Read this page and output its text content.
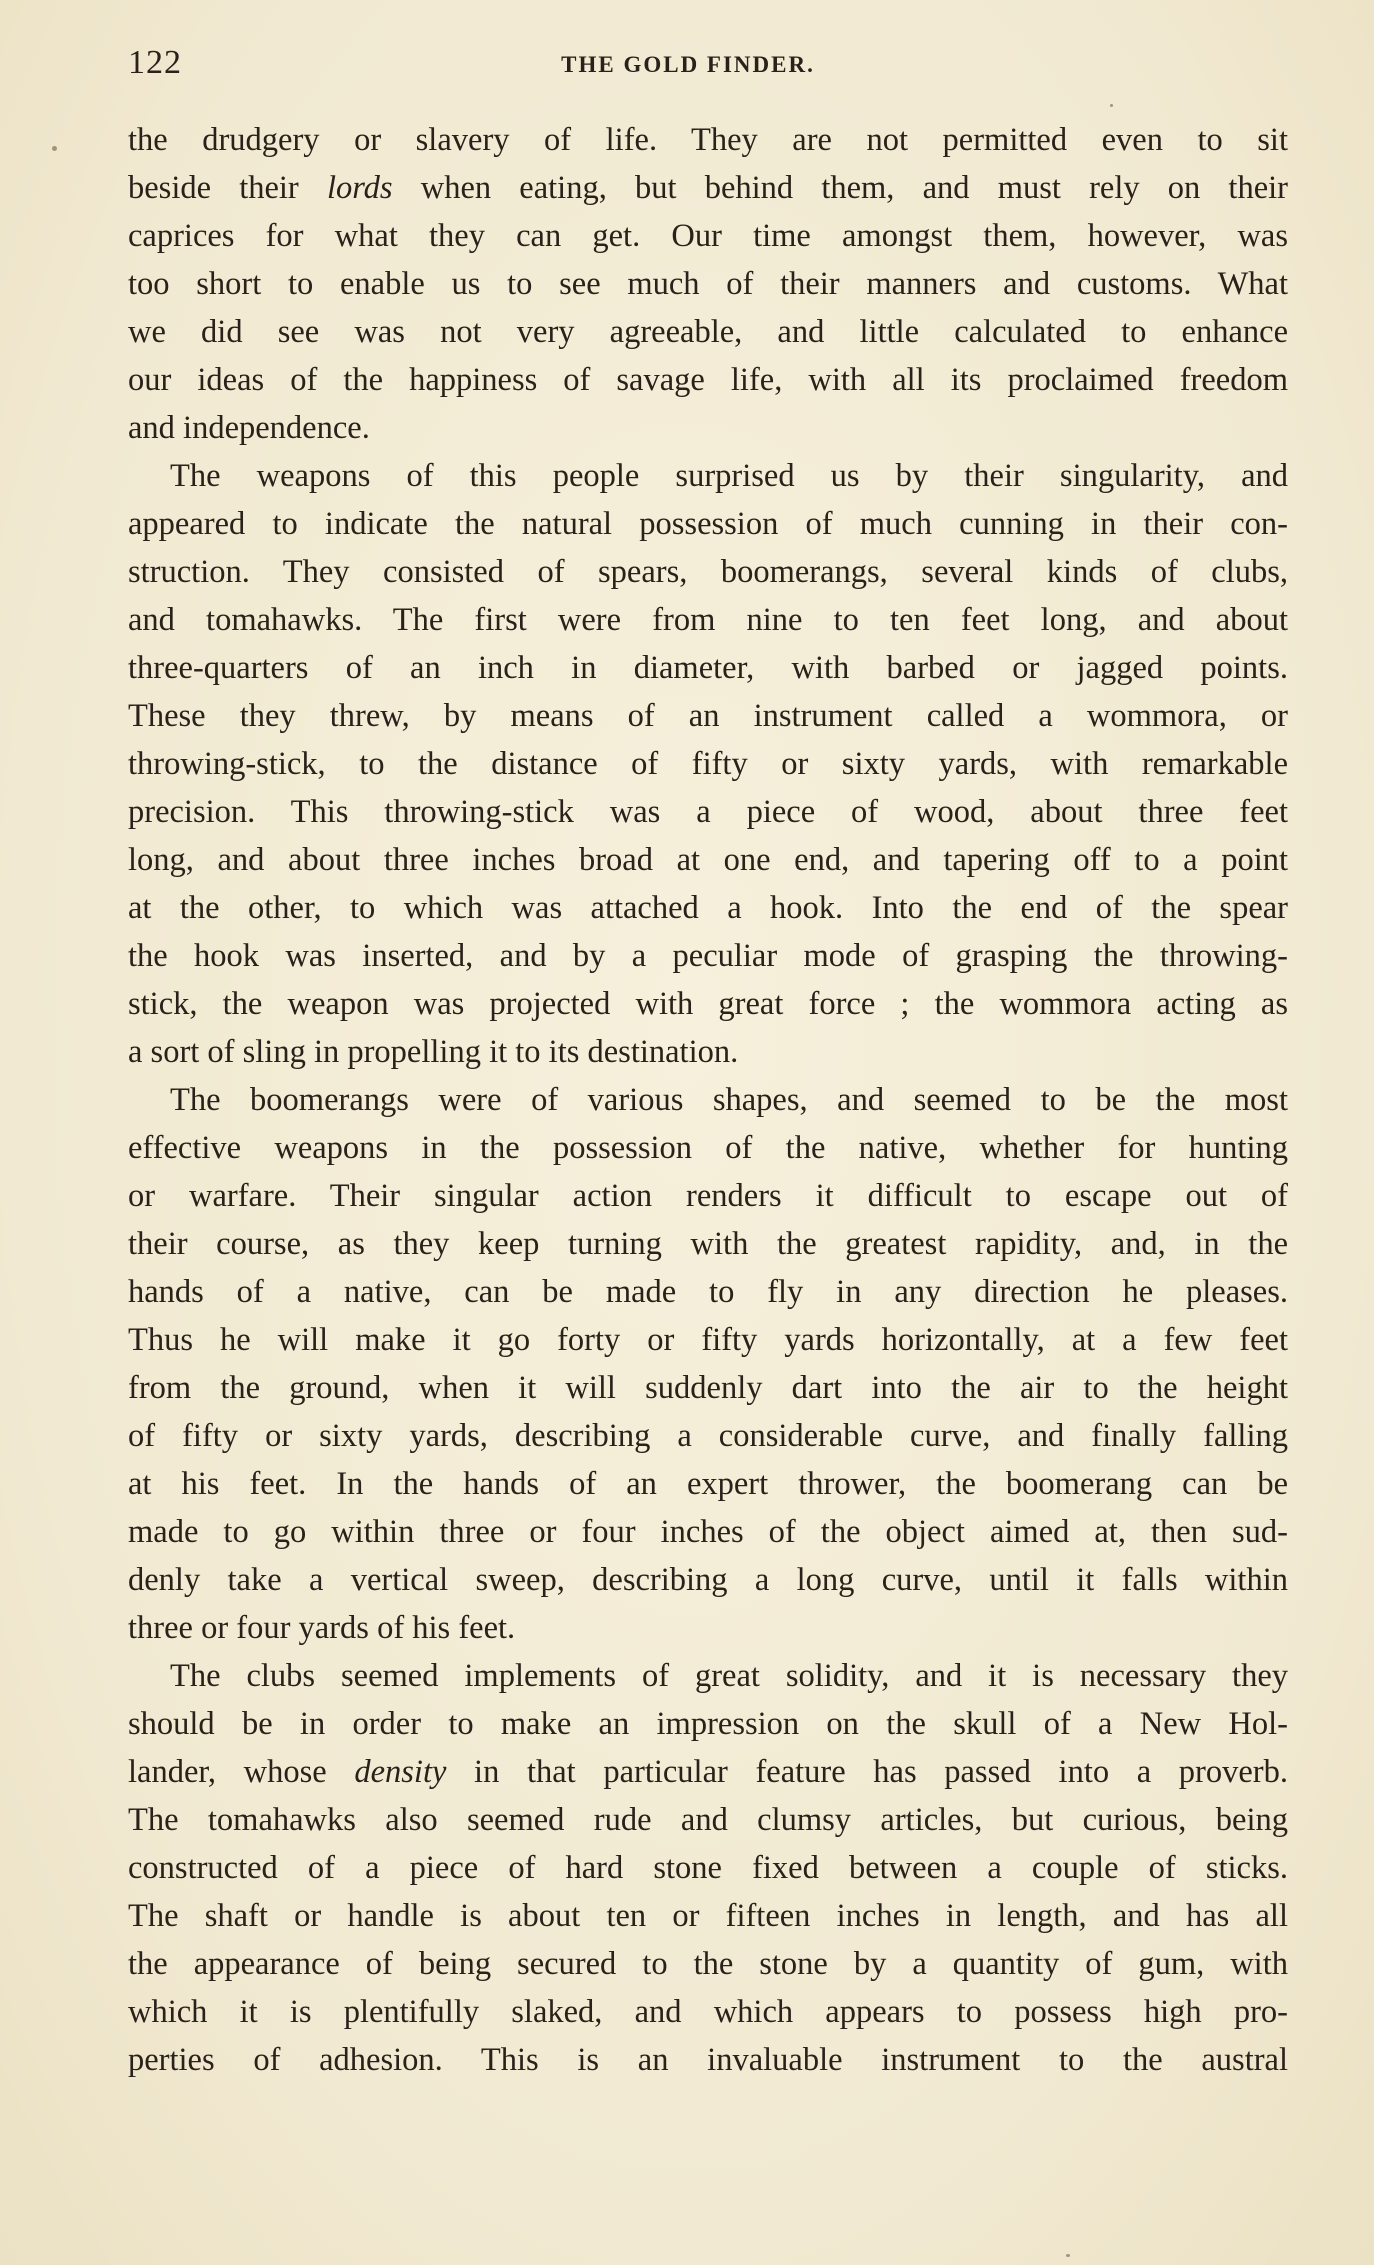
122	THE GOLD FINDER.
the drudgery or slavery of life. They are not permitted even to sit
beside their lords when eating, but behind them, and must rely on their
caprices for what they can get. Our time amongst them, however, was
too short to enable us to see much of their manners and customs. What
we did see was not very agreeable, and little calculated to enhance
our ideas of the happiness of savage life, with all its proclaimed freedom
and independence.
The weapons of this people surprised us by their singularity, and
appeared to indicate the natural possession of much cunning in their con-
struction. They consisted of spears, boomerangs, several kinds of clubs,
and tomahawks. The first were from nine to ten feet long, and about
three-quarters of an inch in diameter, with barbed or jagged points.
These they threw, by means of an instrument called a wommora, or
throwing-stick, to the distance of fifty or sixty yards, with remarkable
precision. This throwing-stick was a piece of wood, about three feet
long, and about three inches broad at one end, and tapering off to a point
at the other, to which was attached a hook. Into the end of the spear
the hook was inserted, and by a peculiar mode of grasping the throwing-
stick, the weapon was projected with great force ; the wommora acting as
a sort of sling in propelling it to its destination.
The boomerangs were of various shapes, and seemed to be the most
effective weapons in the possession of the native, whether for hunting
or warfare. Their singular action renders it difficult to escape out of
their course, as they keep turning with the greatest rapidity, and, in the
hands of a native, can be made to fly in any direction he pleases.
Thus he will make it go forty or fifty yards horizontally, at a few feet
from the ground, when it will suddenly dart into the air to the height
of fifty or sixty yards, describing a considerable curve, and finally falling
at his feet. In the hands of an expert thrower, the boomerang can be
made to go within three or four inches of the object aimed at, then sud-
denly take a vertical sweep, describing a long curve, until it falls within
three or four yards of his feet.
The clubs seemed implements of great solidity, and it is necessary they
should be in order to make an impression on the skull of a New Hol-
lander, whose density in that particular feature has passed into a proverb.
The tomahawks also seemed rude and clumsy articles, but curious, being
constructed of a piece of hard stone fixed between a couple of sticks.
The shaft or handle is about ten or fifteen inches in length, and has all
the appearance of being secured to the stone by a quantity of gum, with
which it is plentifully slaked, and which appears to possess high pro-
perties of adhesion. This is an invaluable instrument to the austral
